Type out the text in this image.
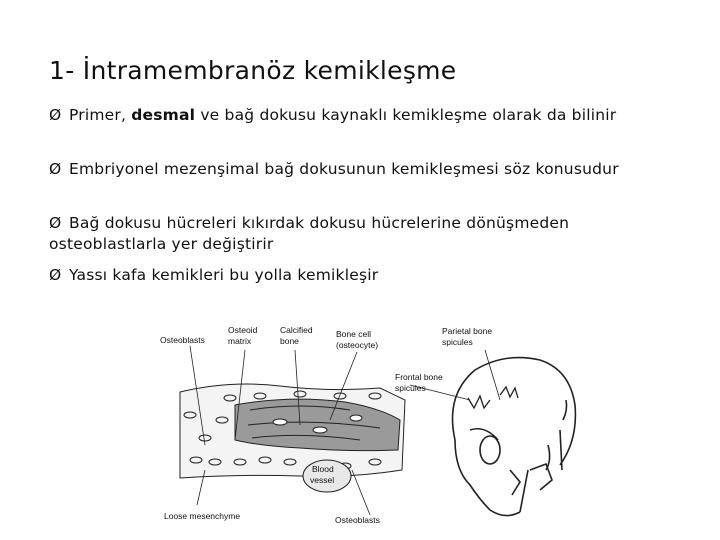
1- İntramembranöz kemikleşme
Ø Primer, desmal ve bağ dokusu kaynaklı kemikleşme olarak da bilinir
Ø Embriyonel mezenşimal bağ dokusunun kemikleşmesi söz konusudur
Ø Bağ dokusu hücreleri kıkırdak dokusu hücrelerine dönüşmeden osteoblastlarla yer değiştirir
Ø Yassı kafa kemikleri bu yolla kemikleşir
Osteoblasts
Osteoid
matrix
Calcified
bone
Bone cell
(osteocyte)
Parietal bone
spicules
Frontal bone
spicules
Blood
vessel
Loose mesenchyme	Osteoblasts
